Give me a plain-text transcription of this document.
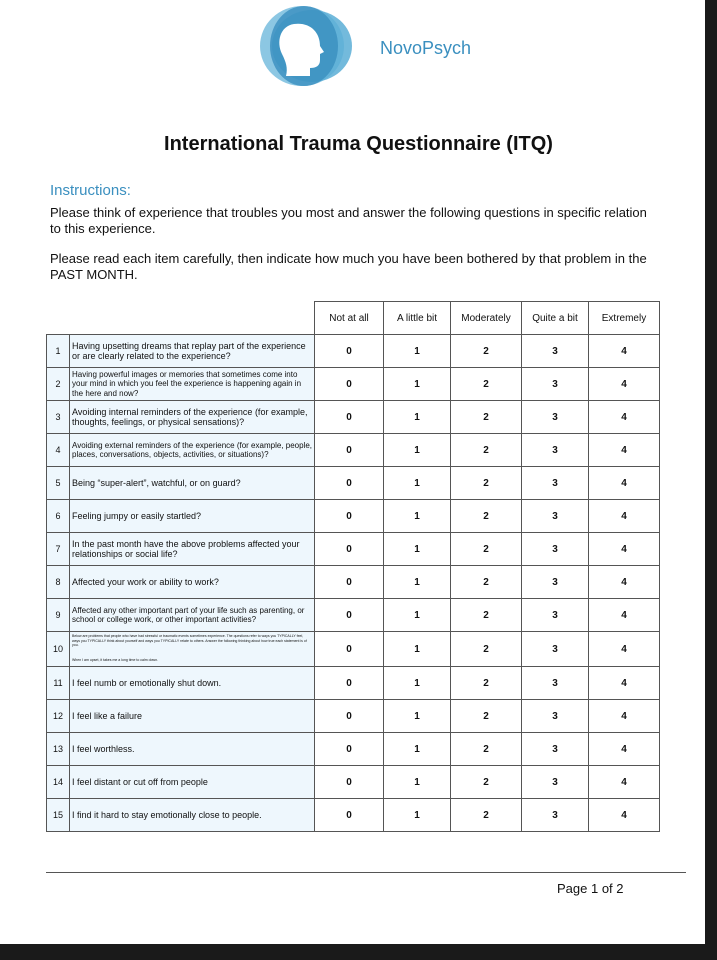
NovoPsych
International Trauma Questionnaire (ITQ)
Instructions:
Please think of experience that troubles you most and answer the following questions in specific relation to this experience.
Please read each item carefully, then indicate how much you have been bothered by that problem in the PAST MONTH.
		Not at all	A little bit	Moderately	Quite a bit	Extremely
1	Having upsetting dreams that replay part of the experience or are clearly related to the experience?	0	1	2	3	4
2	Having powerful images or memories that sometimes come into your mind in which you feel the experience is happening again in the here and now?	0	1	2	3	4
3	Avoiding internal reminders of the experience (for example, thoughts, feelings, or physical sensations)?	0	1	2	3	4
4	Avoiding external reminders of the experience (for example, people, places, conversations, objects, activities, or situations)?	0	1	2	3	4
5	Being “super-alert”, watchful, or on guard?	0	1	2	3	4
6	Feeling jumpy or easily startled?	0	1	2	3	4
7	In the past month have the above problems affected your relationships or social life?	0	1	2	3	4
8	Affected your work or ability to work?	0	1	2	3	4
9	Affected any other important part of your life such as parenting, or school or college work, or other important activities?	0	1	2	3	4
10	Below are problems that people who have had stressful or traumatic events sometimes experience. The questions refer to ways you TYPICALLY feel, ways you TYPICALLY think about yourself and ways you TYPICALLY relate to others. Answer the following thinking about how true each statement is of you.
When I am upset, it takes me a long time to calm down.	0	1	2	3	4
11	I feel numb or emotionally shut down.	0	1	2	3	4
12	I feel like a failure	0	1	2	3	4
13	I feel worthless.	0	1	2	3	4
14	I feel distant or cut off from people	0	1	2	3	4
15	I find it hard to stay emotionally close to people.	0	1	2	3	4
Page 1 of 2
